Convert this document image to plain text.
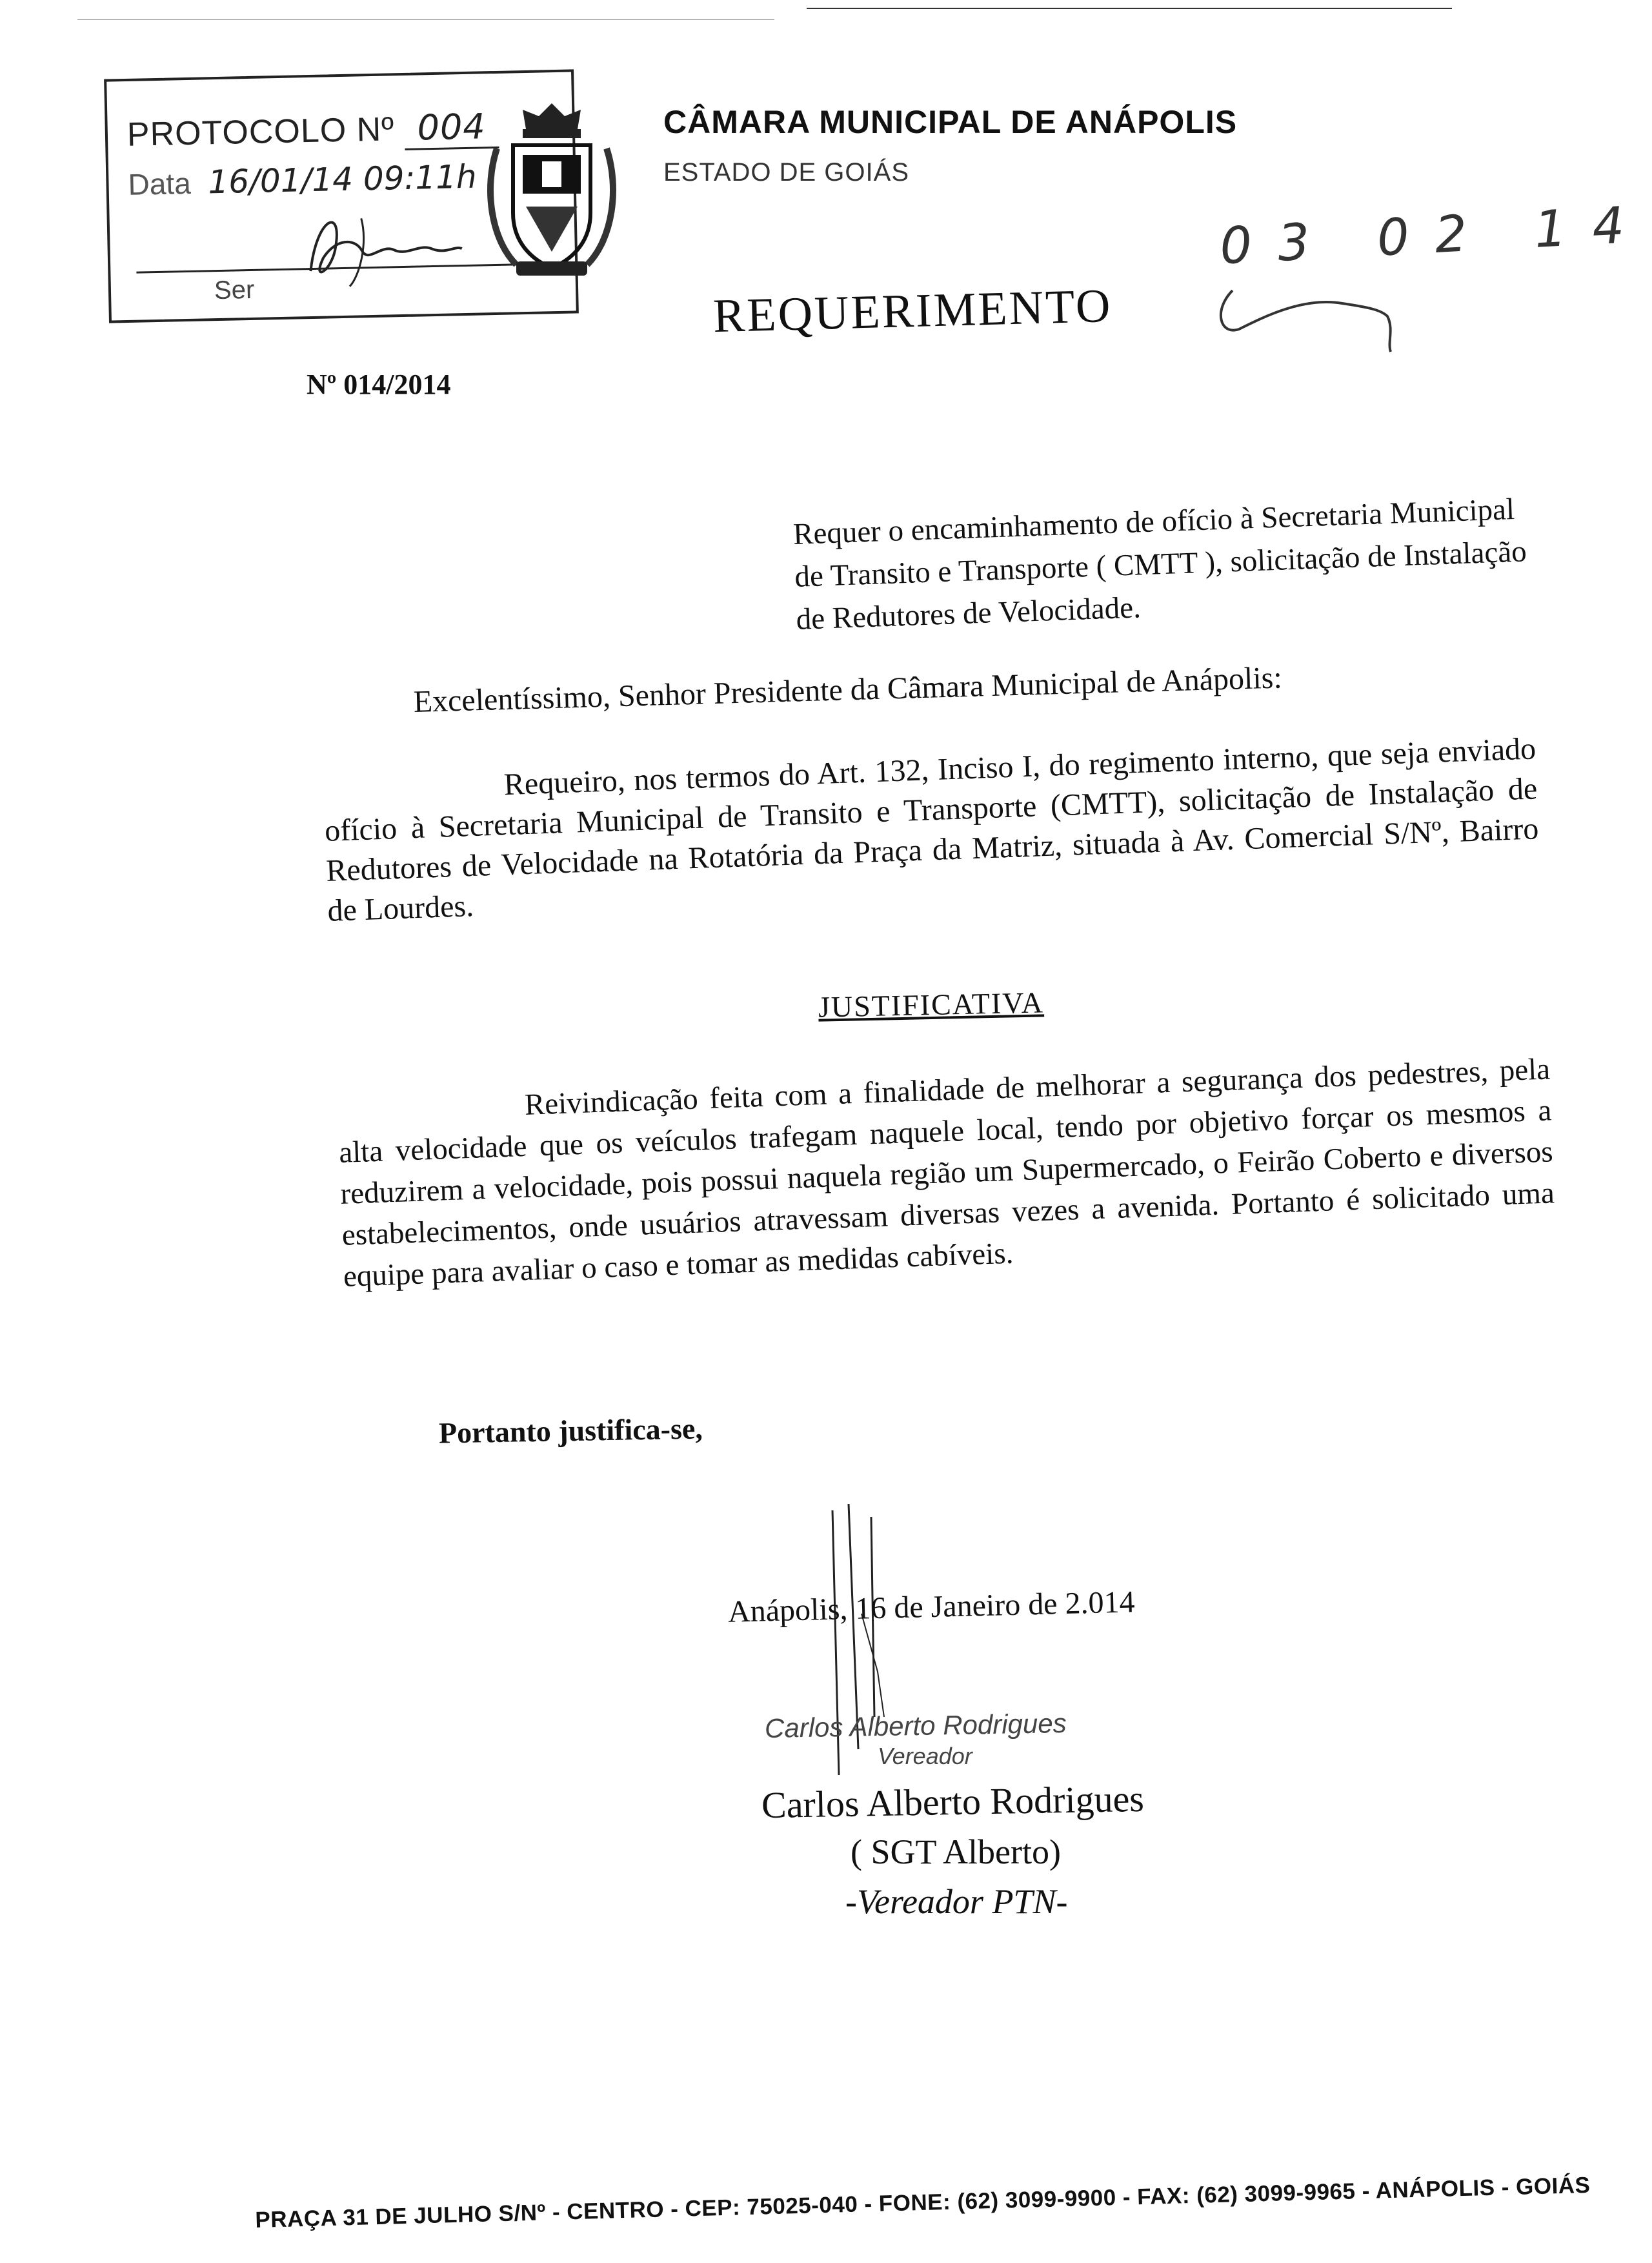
PROTOCOLO Nº 004
Data 16/01/14 09:11h
Ser
CÂMARA MUNICIPAL DE ANÁPOLIS
ESTADO DE GOIÁS
03 02 14
REQUERIMENTO
Nº 014/2014
Requer o encaminhamento de ofício à Secretaria Municipal de Transito e Transporte ( CMTT ), solicitação de Instalação de Redutores de Velocidade.
Excelentíssimo, Senhor Presidente da Câmara Municipal de Anápolis:
Requeiro, nos termos do Art. 132, Inciso I, do regimento interno, que seja enviado ofício à Secretaria Municipal de Transito e Transporte (CMTT), solicitação de Instalação de Redutores de Velocidade na Rotatória da Praça da Matriz, situada à Av. Comercial S/Nº, Bairro de Lourdes.
JUSTIFICATIVA
Reivindicação feita com a finalidade de melhorar a segurança dos pedestres, pela alta velocidade que os veículos trafegam naquele local, tendo por objetivo forçar os mesmos a reduzirem a velocidade, pois possui naquela região um Supermercado, o Feirão Coberto e diversos estabelecimentos, onde usuários atravessam diversas vezes a avenida. Portanto é solicitado uma equipe para avaliar o caso e tomar as medidas cabíveis.
Portanto justifica-se,
Anápolis, 16 de Janeiro de 2.014
Carlos Alberto Rodrigues
Vereador
Carlos Alberto Rodrigues
( SGT Alberto)
-Vereador PTN-
PRAÇA 31 DE JULHO S/Nº - CENTRO - CEP: 75025-040 - FONE: (62) 3099-9900 - FAX: (62) 3099-9965 - ANÁPOLIS - GOIÁS
